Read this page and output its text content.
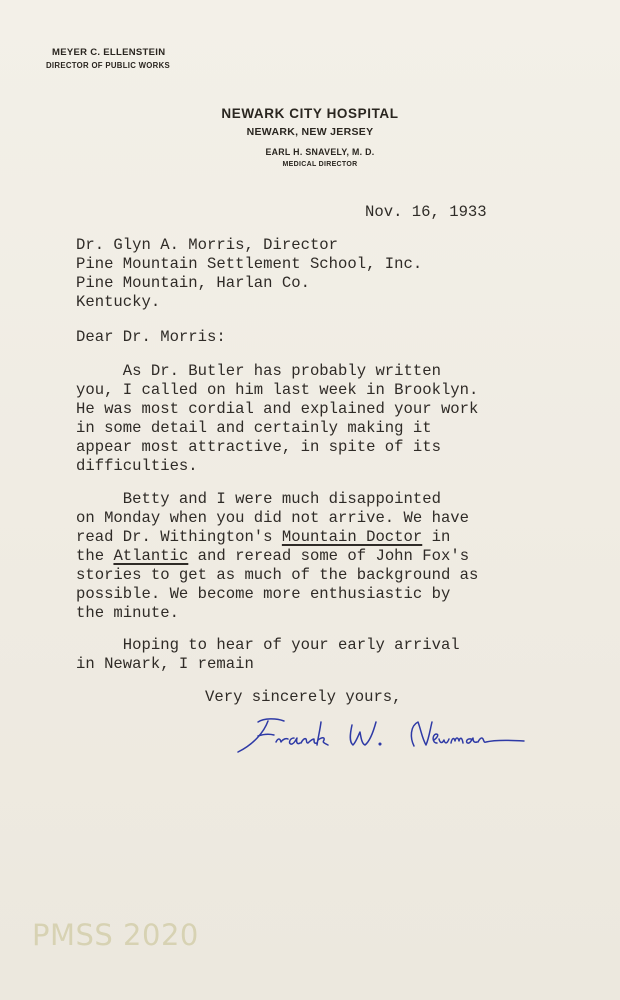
MEYER C. ELLENSTEIN
DIRECTOR OF PUBLIC WORKS
NEWARK CITY HOSPITAL
NEWARK, NEW JERSEY
EARL H. SNAVELY, M. D.
MEDICAL DIRECTOR
Nov. 16, 1933
Dr. Glyn A. Morris, Director
Pine Mountain Settlement School, Inc.
Pine Mountain, Harlan Co.
Kentucky.
Dear Dr. Morris:
As Dr. Butler has probably written
you, I called on him last week in Brooklyn.
He was most cordial and explained your work
in some detail and certainly making it
appear most attractive, in spite of its
difficulties.
Betty and I were much disappointed
on Monday when you did not arrive. We have
read Dr. Withington's Mountain Doctor in
the Atlantic and reread some of John Fox's
stories to get as much of the background as
possible. We become more enthusiastic by
the minute.
Hoping to hear of your early arrival
in Newark, I remain
Very sincerely yours,
PMSS 2020
